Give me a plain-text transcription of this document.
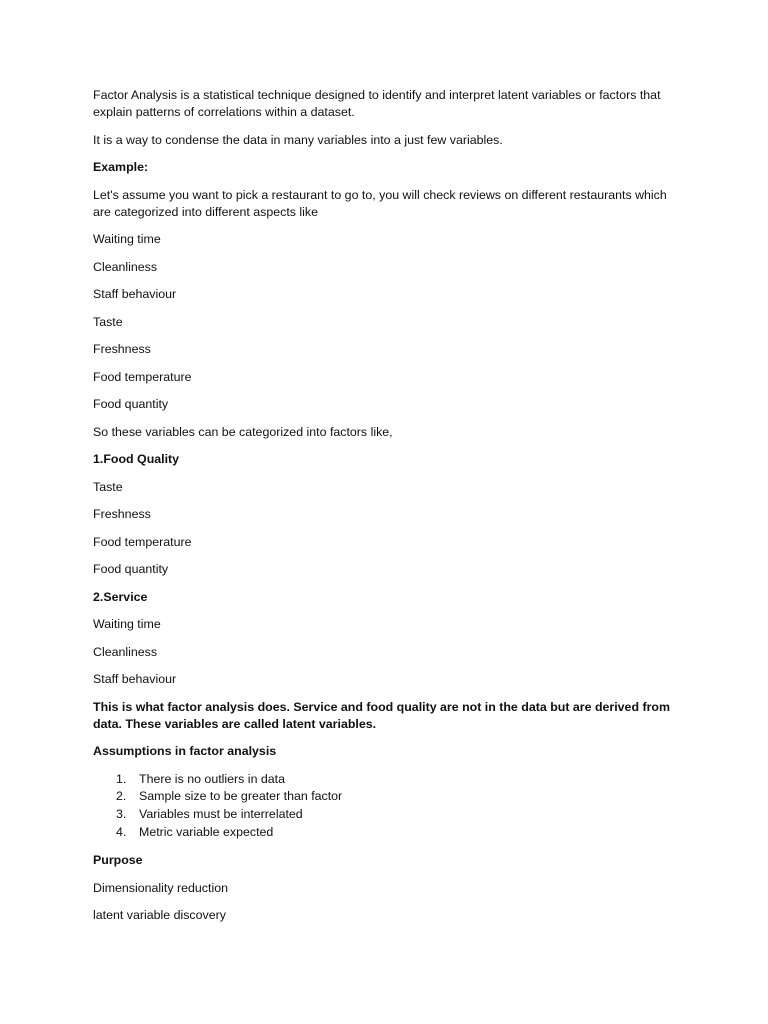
Factor Analysis is a statistical technique designed to identify and interpret latent variables or factors that explain patterns of correlations within a dataset.

It is a way to condense the data in many variables into a just few variables.

Example:

Let's assume you want to pick a restaurant to go to, you will check reviews on different restaurants which are categorized into different aspects like

Waiting time

Cleanliness

Staff behaviour

Taste

Freshness

Food temperature

Food quantity

So these variables can be categorized into factors like,

1.Food Quality

Taste

Freshness

Food temperature

Food quantity

2.Service

Waiting time

Cleanliness

Staff behaviour

This is what factor analysis does. Service and food quality are not in the data but are derived from data. These variables are called latent variables.

Assumptions in factor analysis

1. There is no outliers in data
2. Sample size to be greater than factor
3. Variables must be interrelated
4. Metric variable expected

Purpose

Dimensionality reduction

latent variable discovery
